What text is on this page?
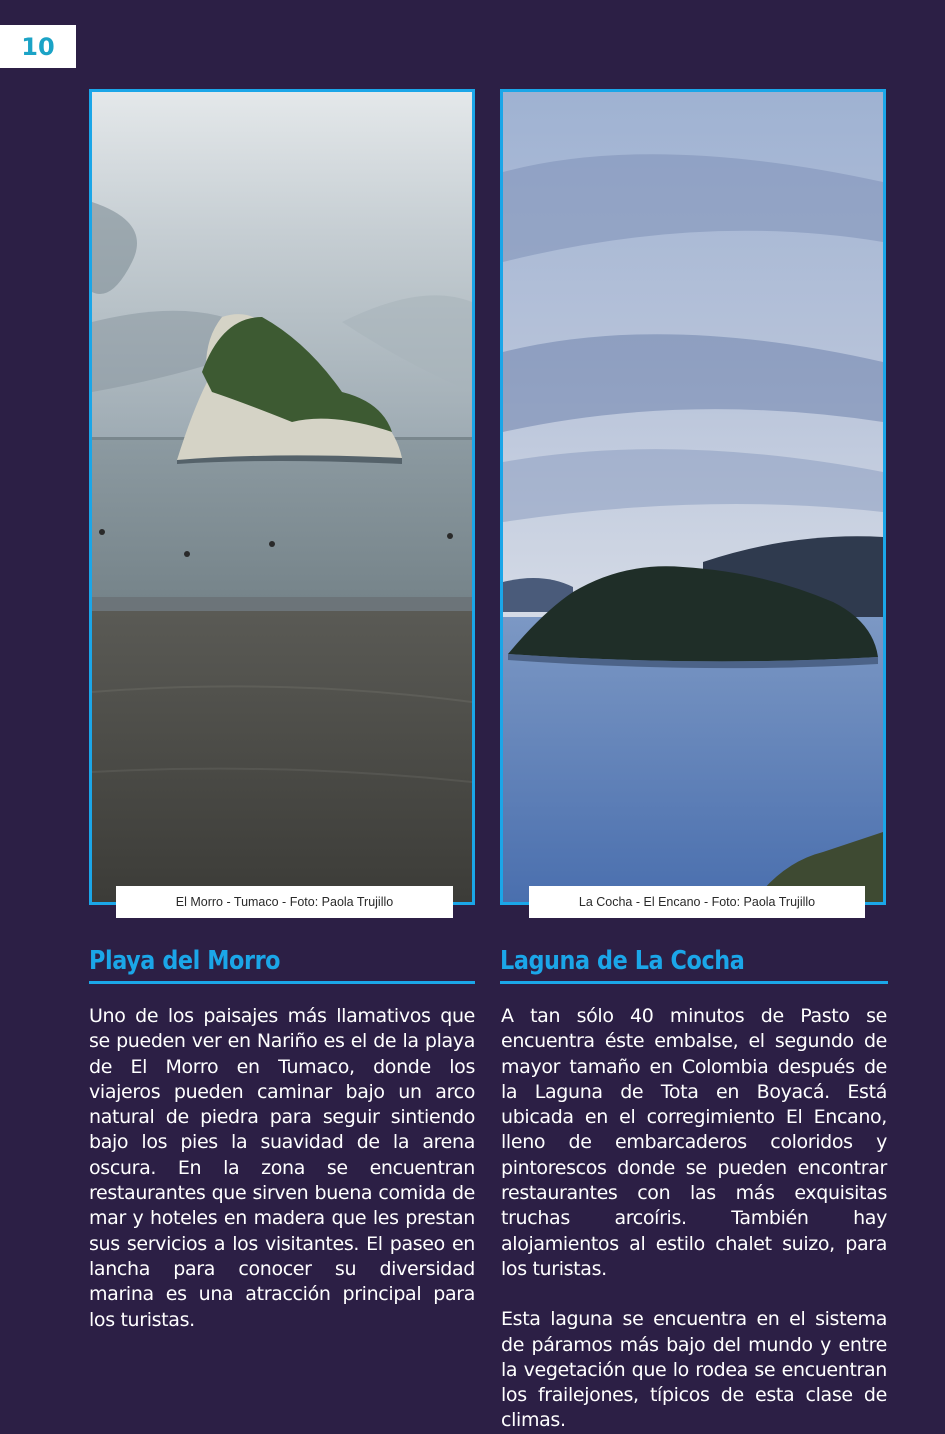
10
El Morro - Tumaco - Foto: Paola Trujillo	La Cocha - El Encano - Foto: Paola Trujillo
Playa del Morro

Uno de los paisajes más llamativos que se pueden ver en Nariño es el de la playa de El Morro en Tumaco, donde los viajeros pueden caminar bajo un arco natural de piedra para seguir sintiendo bajo los pies la suavidad de la arena oscura. En la zona se encuentran restaurantes que sirven buena comida de mar y hoteles en madera que les prestan sus servicios a los visitantes. El paseo en lancha para conocer su diversidad marina es una atracción principal para los turistas.

Laguna de La Cocha

A tan sólo 40 minutos de Pasto se encuentra éste embalse, el segundo de mayor tamaño en Colombia después de la Laguna de Tota en Boyacá. Está ubicada en el corregimiento El Encano, lleno de embarcaderos coloridos y pintorescos donde se pueden encontrar restaurantes con las más exquisitas truchas arcoíris. También hay alojamientos al estilo chalet suizo, para los turistas.

Esta laguna se encuentra en el sistema de páramos más bajo del mundo y entre la vegetación que lo rodea se encuentran los frailejones, típicos de esta clase de climas.
